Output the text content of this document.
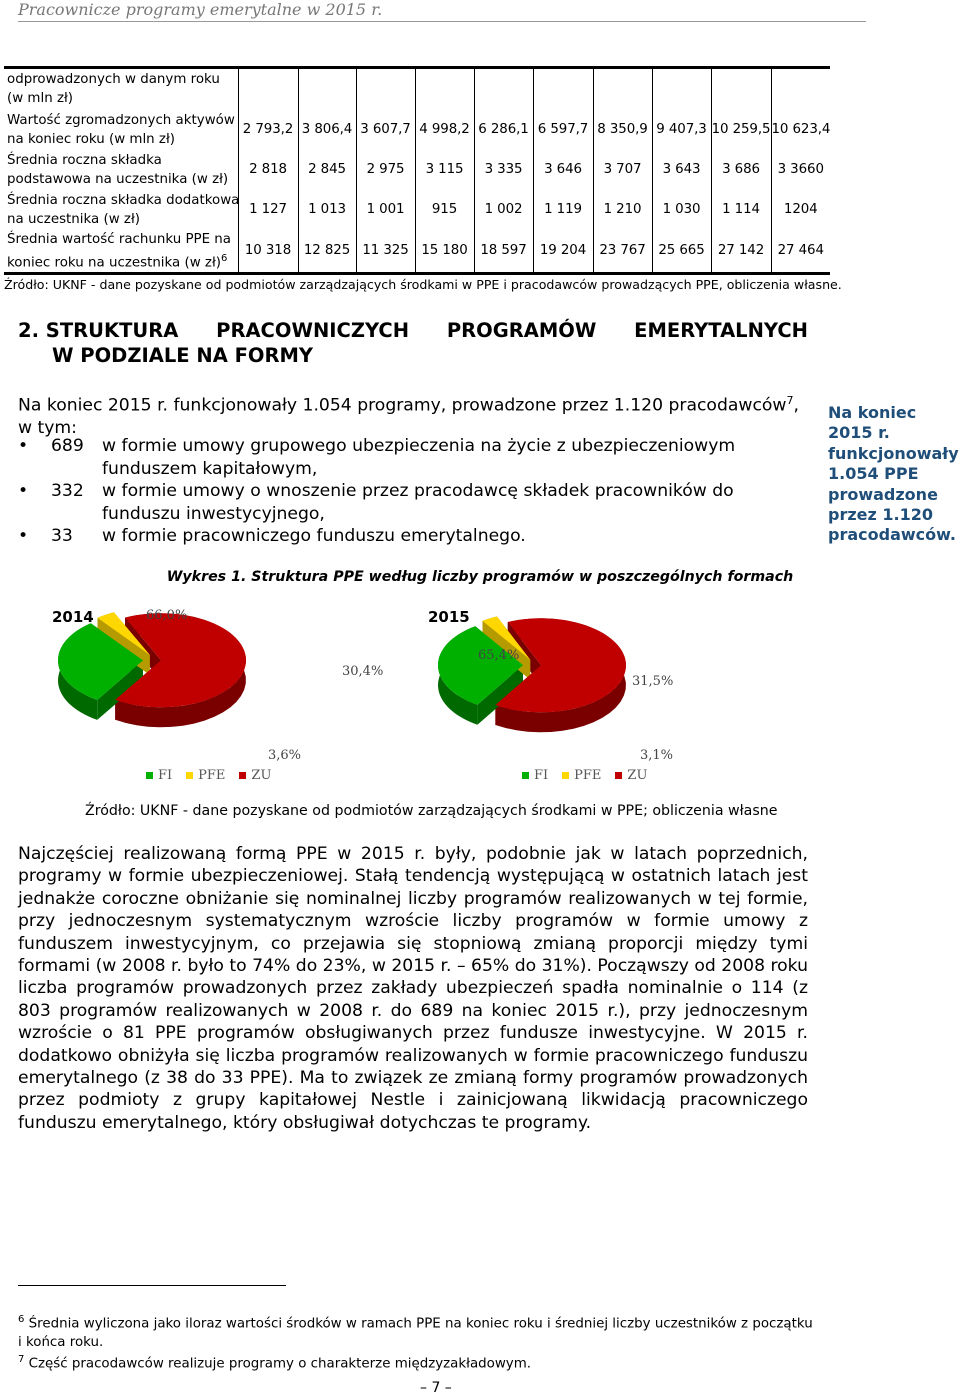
Pracownicze programy emerytalne w 2015 r.
odprowadzonych w danym roku
(w mln zł)										
Wartość zgromadzonych aktywów
na koniec roku (w mln zł)	2 793,2	3 806,4	3 607,7	4 998,2	6 286,1	6 597,7	8 350,9	9 407,3	10 259,5	10 623,4
Średnia roczna składka
podstawowa na uczestnika (w zł)	2 818	2 845	2 975	3 115	3 335	3 646	3 707	3 643	3 686	3 3660
Średnia roczna składka dodatkowa
na uczestnika (w zł)	1 127	1 013	1 001	915	1 002	1 119	1 210	1 030	1 114	1204
Średnia wartość rachunku PPE na
koniec roku na uczestnika (w zł)$^6$	10 318	12 825	11 325	15 180	18 597	19 204	23 767	25 665	27 142	27 464
Źródło: UKNF - dane pozyskane od podmiotów zarządzających środkami w PPE i pracodawców prowadzących PPE, obliczenia własne.
2. STRUKTURA PRACOWNICZYCH PROGRAMÓW EMERYTALNYCH
W PODZIALE NA FORMY
Na koniec 2015 r. funkcjonowały 1.054 programy, prowadzone przez 1.120 pracodawców$^7$,
w tym:
• 689 w formie umowy grupowego ubezpieczenia na życie z ubezpieczeniowym funduszem kapitałowym,
• 332 w formie umowy o wnoszenie przez pracodawcę składek pracowników do funduszu inwestycyjnego,
• 33 w formie pracowniczego funduszu emerytalnego.
Na koniec
2015 r.
funkcjonowały
1.054 PPE
prowadzone
przez 1.120
pracodawców.
Wykres 1. Struktura PPE według liczby programów w poszczególnych formach
2014	66,0%
30,4%
3,6%
FI PFE ZU
2015
65,4%
31,5%
3,1%
FI PFE ZU
Źródło: UKNF - dane pozyskane od podmiotów zarządzających środkami w PPE; obliczenia własne
Najczęściej realizowaną formą PPE w 2015 r. były, podobnie jak w latach poprzednich, programy w formie ubezpieczeniowej. Stałą tendencją występującą w ostatnich latach jest jednakże coroczne obniżanie się nominalnej liczby programów realizowanych w tej formie, przy jednoczesnym systematycznym wzroście liczby programów w formie umowy z funduszem inwestycyjnym, co przejawia się stopniową zmianą proporcji między tymi formami (w 2008 r. było to 74% do 23%, w 2015 r. – 65% do 31%). Począwszy od 2008 roku liczba programów prowadzonych przez zakłady ubezpieczeń spadła nominalnie o 114 (z 803 programów realizowanych w 2008 r. do 689 na koniec 2015 r.), przy jednoczesnym wzroście o 81 PPE programów obsługiwanych przez fundusze inwestycyjne. W 2015 r. dodatkowo obniżyła się liczba programów realizowanych w formie pracowniczego funduszu emerytalnego (z 38 do 33 PPE). Ma to związek ze zmianą formy programów prowadzonych przez podmioty z grupy kapitałowej Nestle i zainicjowaną likwidacją pracowniczego funduszu emerytalnego, który obsługiwał dotychczas te programy.
$^6$ Średnia wyliczona jako iloraz wartości środków w ramach PPE na koniec roku i średniej liczby uczestników z początku i końca roku.
$^7$ Część pracodawców realizuje programy o charakterze międzyzakładowym.
– 7 –
